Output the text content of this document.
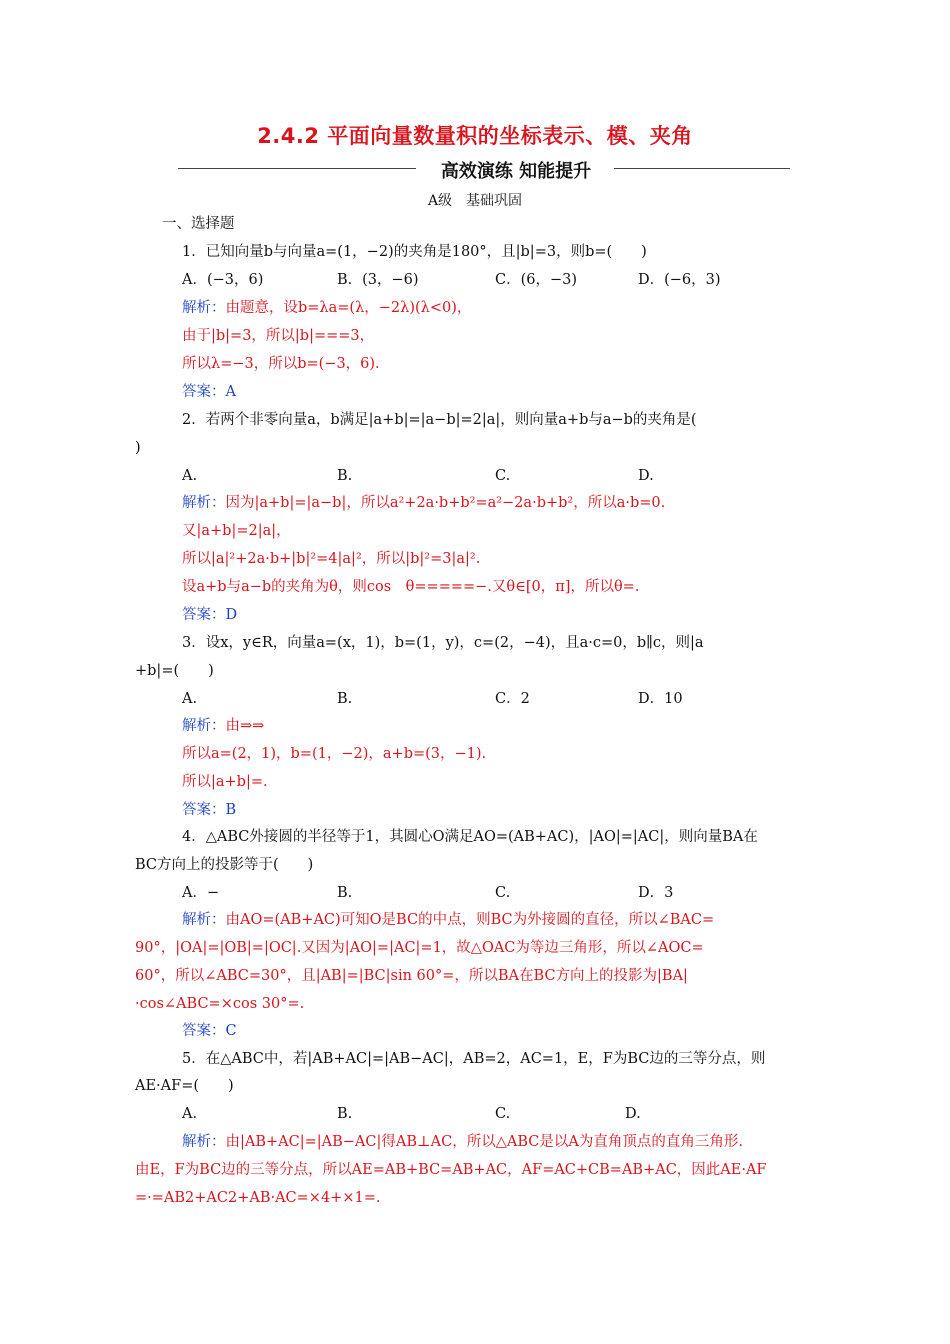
2.4.2 平面向量数量积的坐标表示、模、夹角
高效演练 知能提升
A级　基础巩固
一、选择题
1．已知向量b与向量a=(1，−2)的夹角是180°，且|b|=3，则b=(　　)
A．(−3，6)	B．(3，−6)	C．(6，−3)	D．(−6，3)
解析：由题意，设b=λa=(λ，−2λ)(λ<0)，
由于|b|=3，所以|b|===3，
所以λ=−3，所以b=(−3，6).
答案：A
2．若两个非零向量a，b满足|a+b|=|a−b|=2|a|，则向量a+b与a−b的夹角是(
)
A.	B.	C.	D.
解析：因为|a+b|=|a−b|，所以a²+2a·b+b²=a²−2a·b+b²，所以a·b=0.
又|a+b|=2|a|，
所以|a|²+2a·b+|b|²=4|a|²，所以|b|²=3|a|².
设a+b与a−b的夹角为θ，则cos　θ=====−.又θ∈[0，π]，所以θ=.
答案：D
3．设x，y∈R，向量a=(x，1)，b=(1，y)，c=(2，−4)，且a·c=0，b∥c，则|a
+b|=(　　)
A.	B.	C．2	D．10
解析：由⇒⇒
所以a=(2，1)，b=(1，−2)，a+b=(3，−1).
所以|a+b|=.
答案：B
4．△ABC外接圆的半径等于1，其圆心O满足AO=(AB+AC)，|AO|=|AC|，则向量BA在
BC方向上的投影等于(　　)
A．−	B.	C.	D．3
解析：由AO=(AB+AC)可知O是BC的中点，则BC为外接圆的直径，所以∠BAC=
90°，|OA|=|OB|=|OC|.又因为|AO|=|AC|=1，故△OAC为等边三角形，所以∠AOC=
60°，所以∠ABC=30°，且|AB|=|BC|sin 60°=，所以BA在BC方向上的投影为|BA|
·cos∠ABC=×cos 30°=.
答案：C
5．在△ABC中，若|AB+AC|=|AB−AC|，AB=2，AC=1，E，F为BC边的三等分点，则
AE·AF=(　　)
A.	B.	C.	D.
解析：由|AB+AC|=|AB−AC|得AB⊥AC，所以△ABC是以A为直角顶点的直角三角形.
由E，F为BC边的三等分点，所以AE=AB+BC=AB+AC，AF=AC+CB=AB+AC，因此AE·AF
=·=AB2+AC2+AB·AC=×4+×1=.
